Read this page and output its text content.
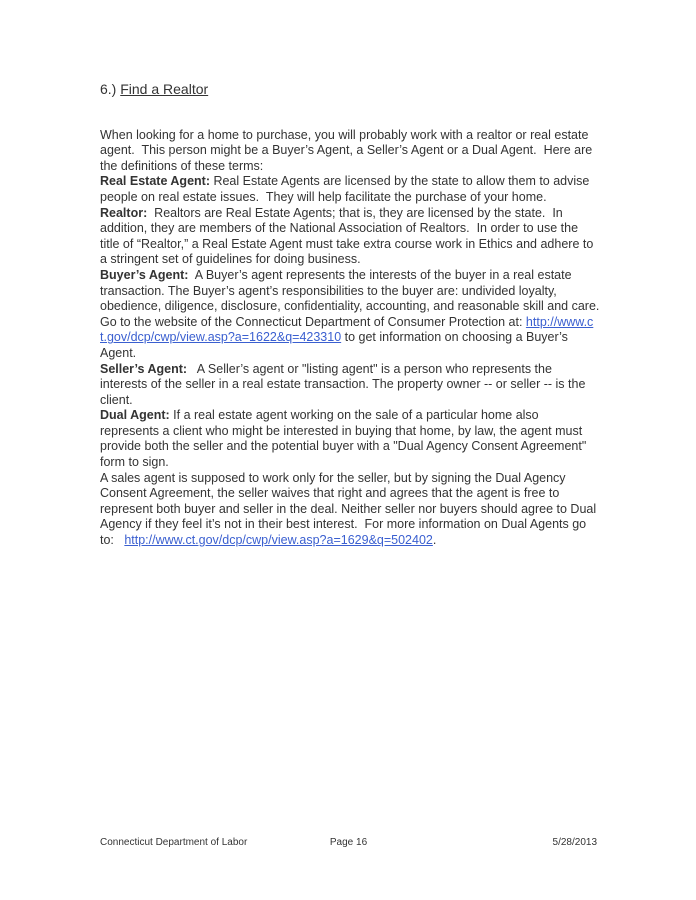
6.) Find a Realtor

When looking for a home to purchase, you will probably work with a realtor or real estate agent.  This person might be a Buyer’s Agent, a Seller’s Agent or a Dual Agent.  Here are the definitions of these terms:

Real Estate Agent: Real Estate Agents are licensed by the state to allow them to advise people on real estate issues.  They will help facilitate the purchase of your home.

Realtor:  Realtors are Real Estate Agents; that is, they are licensed by the state.  In addition, they are members of the National Association of Realtors.  In order to use the title of “Realtor,” a Real Estate Agent must take extra course work in Ethics and adhere to a stringent set of guidelines for doing business.

Buyer’s Agent:  A Buyer’s agent represents the interests of the buyer in a real estate transaction. The Buyer’s agent’s responsibilities to the buyer are: undivided loyalty, obedience, diligence, disclosure, confidentiality, accounting, and reasonable skill and care.  Go to the website of the Connecticut Department of Consumer Protection at: http://www.ct.gov/dcp/cwp/view.asp?a=1622&q=423310 to get information on choosing a Buyer’s Agent.

Seller’s Agent:   A Seller’s agent or "listing agent" is a person who represents the interests of the seller in a real estate transaction. The property owner -- or seller -- is the client.

Dual Agent: If a real estate agent working on the sale of a particular home also represents a client who might be interested in buying that home, by law, the agent must provide both the seller and the potential buyer with a "Dual Agency Consent Agreement" form to sign.

A sales agent is supposed to work only for the seller, but by signing the Dual Agency Consent Agreement, the seller waives that right and agrees that the agent is free to represent both buyer and seller in the deal. Neither seller nor buyers should agree to Dual Agency if they feel it’s not in their best interest.  For more information on Dual Agents go to:   http://www.ct.gov/dcp/cwp/view.asp?a=1629&q=502402.

Connecticut Department of Labor	Page 16	5/28/2013
